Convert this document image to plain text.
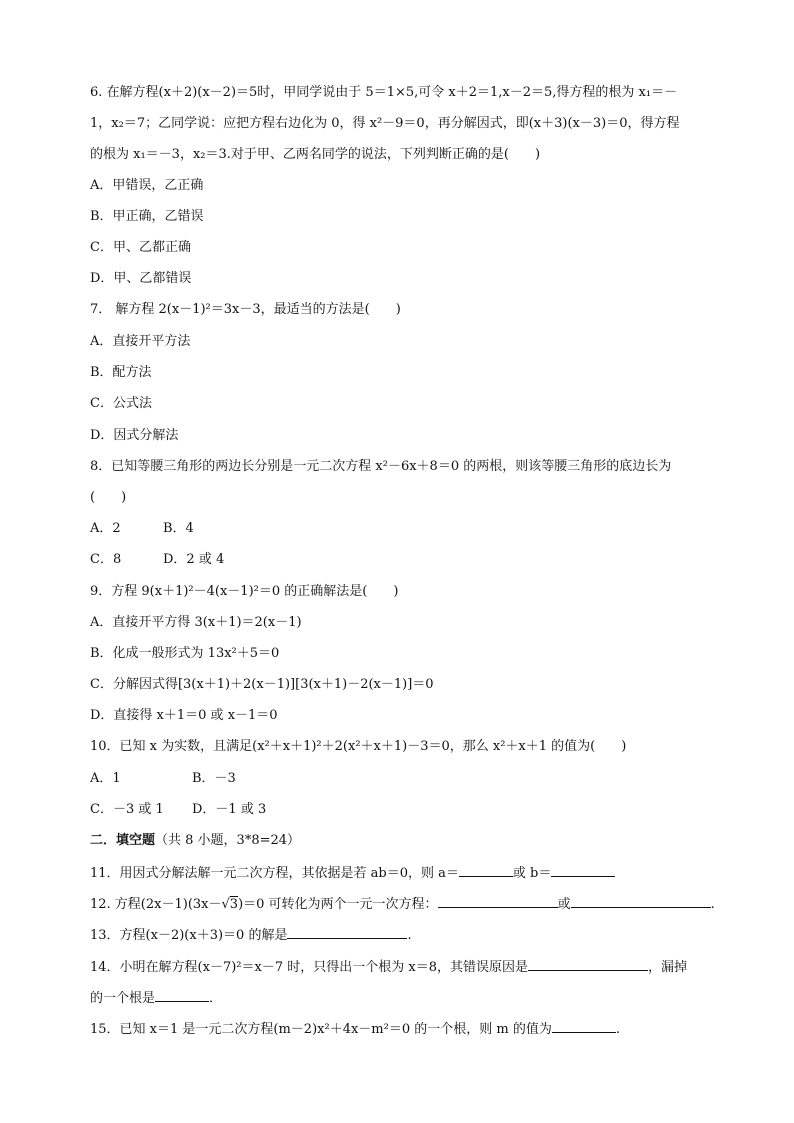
6. 在解方程(x＋2)(x－2)＝5时，甲同学说由于 5＝1×5,可令 x＋2＝1,x－2＝5,得方程的根为 x₁＝－
1，x₂＝7；乙同学说：应把方程右边化为 0，得 x²－9＝0，再分解因式，即(x＋3)(x－3)＝0，得方程
的根为 x₁＝－3，x₂＝3.对于甲、乙两名同学的说法，下列判断正确的是(　　)
A．甲错误，乙正确
B．甲正确，乙错误
C．甲、乙都正确
D．甲、乙都错误
7． 解方程 2(x－1)²＝3x－3，最适当的方法是(　　)
A．直接开平方法
B．配方法
C．公式法
D．因式分解法
8．已知等腰三角形的两边长分别是一元二次方程 x²－6x＋8＝0 的两根，则该等腰三角形的底边长为
(　　)
A．2	B．4
C．8	D．2 或 4
9．方程 9(x＋1)²－4(x－1)²＝0 的正确解法是(　　)
A．直接开平方得 3(x＋1)＝2(x－1)
B．化成一般形式为 13x²＋5＝0
C．分解因式得[3(x＋1)＋2(x－1)][3(x＋1)－2(x－1)]＝0
D．直接得 x＋1＝0 或 x－1＝0
10．已知 x 为实数，且满足(x²＋x＋1)²＋2(x²＋x＋1)－3＝0，那么 x²＋x＋1 的值为(　　)
A．1	B．－3
C．－3 或 1 D．－1 或 3
二．填空题（共 8 小题，3*8=24）
11．用因式分解法解一元二次方程，其依据是若 ab＝0，则 a＝	或 b＝
12. 方程(2x－1)(3x－√3)＝0 可转化为两个一元一次方程：	或	.
13．方程(x－2)(x＋3)＝0 的解是	.
14．小明在解方程(x－7)²＝x－7 时，只得出一个根为 x＝8，其错误原因是	，漏掉
的一个根是	．
15．已知 x＝1 是一元二次方程(m－2)x²＋4x－m²＝0 的一个根，则 m 的值为	.
